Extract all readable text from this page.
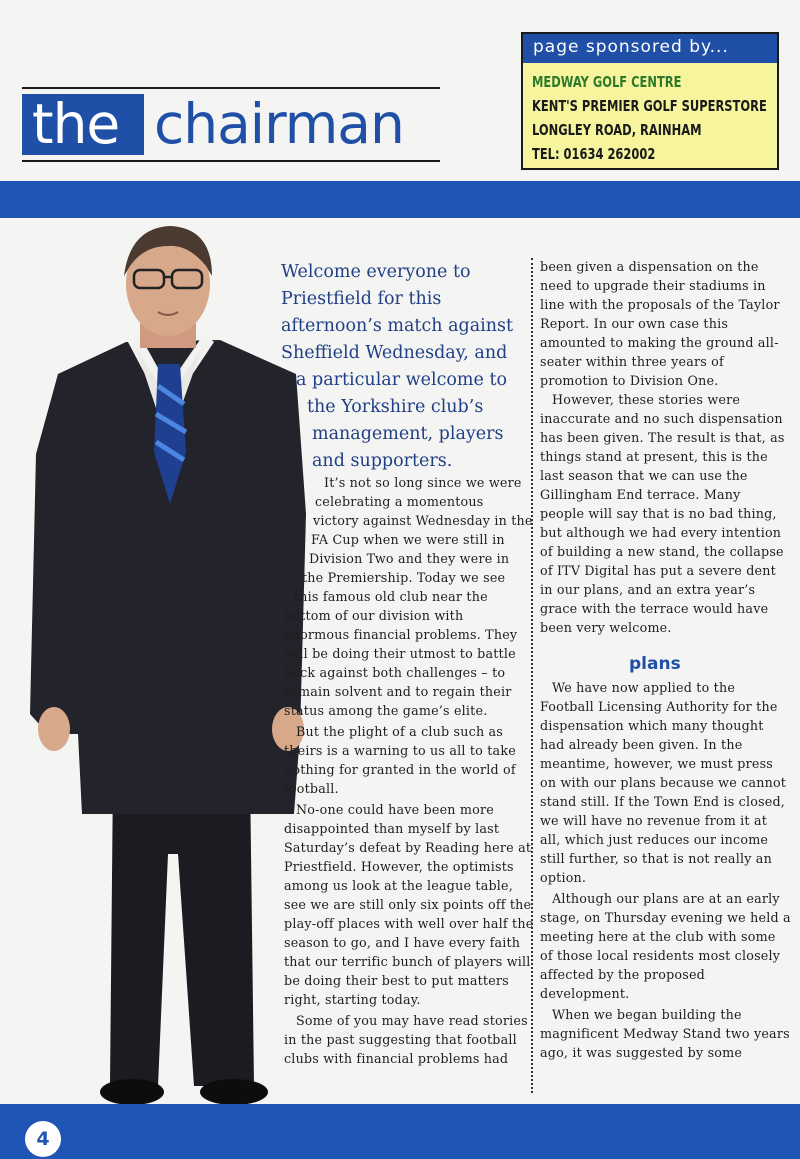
the chairman
page sponsored by...
MEDWAY GOLF CENTRE
KENT'S PREMIER GOLF SUPERSTORE
LONGLEY ROAD, RAINHAM
TEL: 01634 262002
Welcome everyone to
Priestfield for this
afternoon’s match against
Sheffield Wednesday, and
a particular welcome to
the Yorkshire club’s
management, players
and supporters.
It’s not so long since we were
celebrating a momentous
victory against Wednesday in the
FA Cup when we were still in
Division Two and they were in
the Premiership. Today we see
this famous old club near the
bottom of our division with
enormous financial problems. They
will be doing their utmost to battle
back against both challenges – to
remain solvent and to regain their
status among the game’s elite.
But the plight of a club such as
theirs is a warning to us all to take
nothing for granted in the world of
football.
No-one could have been more
disappointed than myself by last
Saturday’s defeat by Reading here at
Priestfield. However, the optimists
among us look at the league table,
see we are still only six points off the
play-off places with well over half the
season to go, and I have every faith
that our terrific bunch of players will
be doing their best to put matters
right, starting today.
Some of you may have read stories
in the past suggesting that football
clubs with financial problems had
been given a dispensation on the
need to upgrade their stadiums in
line with the proposals of the Taylor
Report. In our own case this
amounted to making the ground all-
seater within three years of
promotion to Division One.
However, these stories were
inaccurate and no such dispensation
has been given. The result is that, as
things stand at present, this is the
last season that we can use the
Gillingham End terrace. Many
people will say that is no bad thing,
but although we had every intention
of building a new stand, the collapse
of ITV Digital has put a severe dent
in our plans, and an extra year’s
grace with the terrace would have
been very welcome.
plans
We have now applied to the
Football Licensing Authority for the
dispensation which many thought
had already been given. In the
meantime, however, we must press
on with our plans because we cannot
stand still. If the Town End is closed,
we will have no revenue from it at
all, which just reduces our income
still further, so that is not really an
option.
Although our plans are at an early
stage, on Thursday evening we held a
meeting here at the club with some
of those local residents most closely
affected by the proposed
development.
When we began building the
magnificent Medway Stand two years
ago, it was suggested by some
4
